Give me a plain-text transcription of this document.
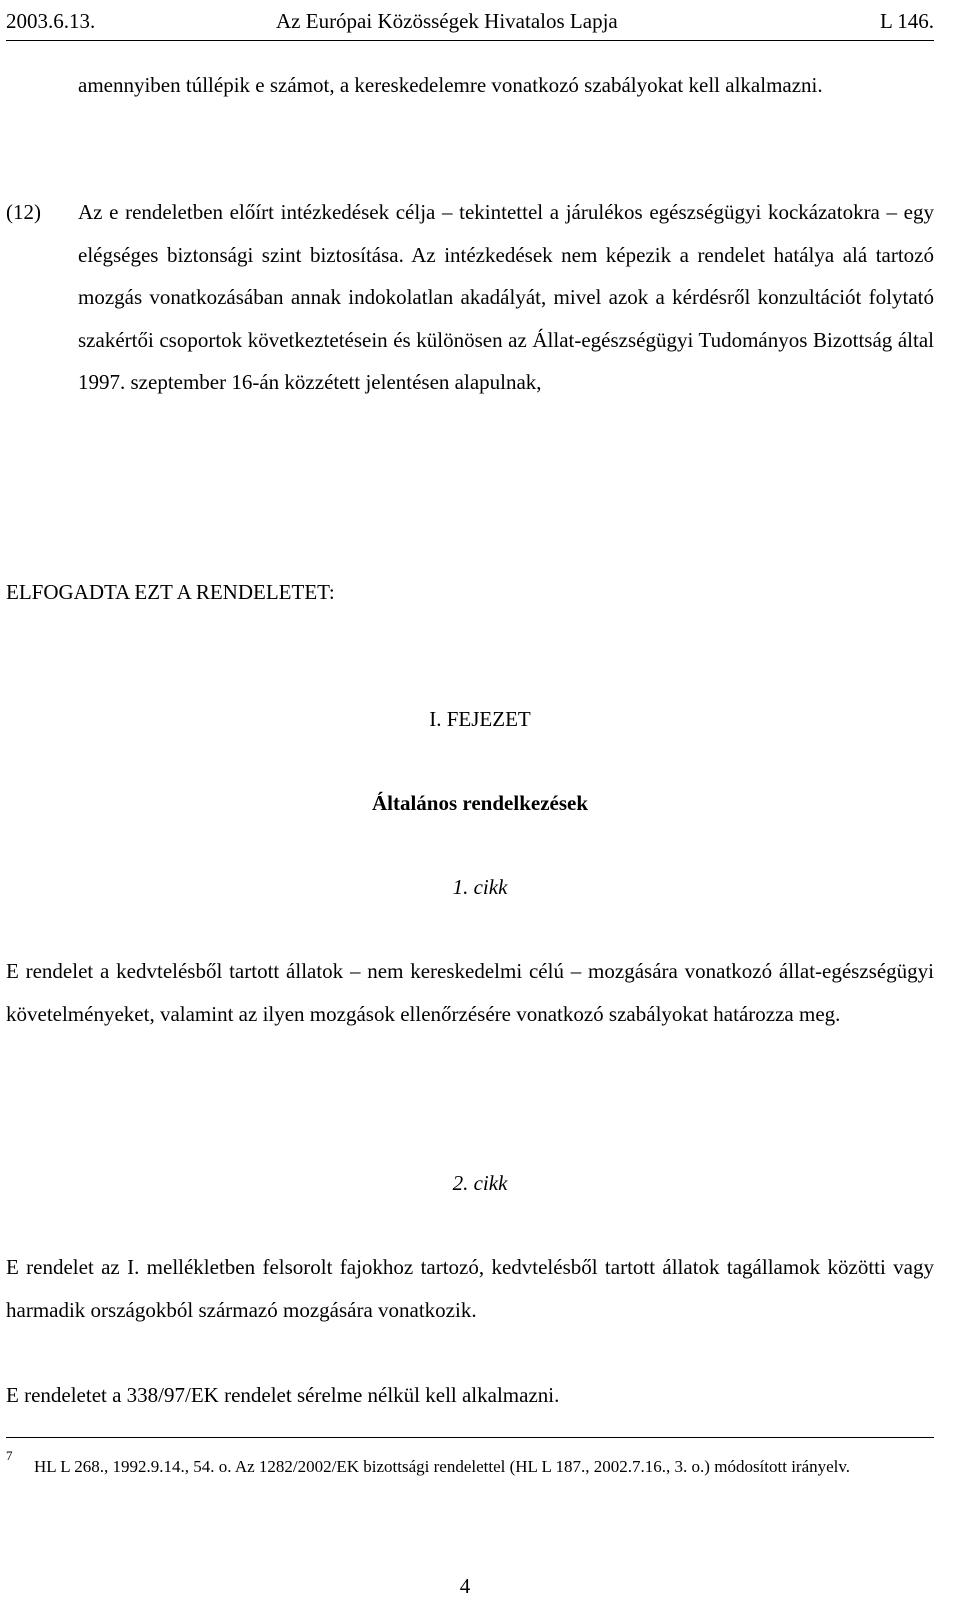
2003.6.13.	Az Európai Közösségek Hivatalos Lapja	L 146.
amennyiben túllépik e számot, a kereskedelemre vonatkozó szabályokat kell alkalmazni.
(12) Az e rendeletben előírt intézkedések célja – tekintettel a járulékos egészségügyi kockázatokra – egy elégséges biztonsági szint biztosítása. Az intézkedések nem képezik a rendelet hatálya alá tartozó mozgás vonatkozásában annak indokolatlan akadályát, mivel azok a kérdésről konzultációt folytató szakértői csoportok következtetésein és különösen az Állat-egészségügyi Tudományos Bizottság által 1997. szeptember 16-án közzétett jelentésen alapulnak,
ELFOGADTA EZT A RENDELETET:
I. FEJEZET
Általános rendelkezések
1. cikk
E rendelet a kedvtelésből tartott állatok – nem kereskedelmi célú – mozgására vonatkozó állat-egészségügyi követelményeket, valamint az ilyen mozgások ellenőrzésére vonatkozó szabályokat határozza meg.
2. cikk
E rendelet az I. mellékletben felsorolt fajokhoz tartozó, kedvtelésből tartott állatok tagállamok közötti vagy harmadik országokból származó mozgására vonatkozik.
E rendeletet a 338/97/EK rendelet sérelme nélkül kell alkalmazni.
7
HL L 268., 1992.9.14., 54. o. Az 1282/2002/EK bizottsági rendelettel (HL L 187., 2002.7.16., 3. o.) módosított irányelv.
4
